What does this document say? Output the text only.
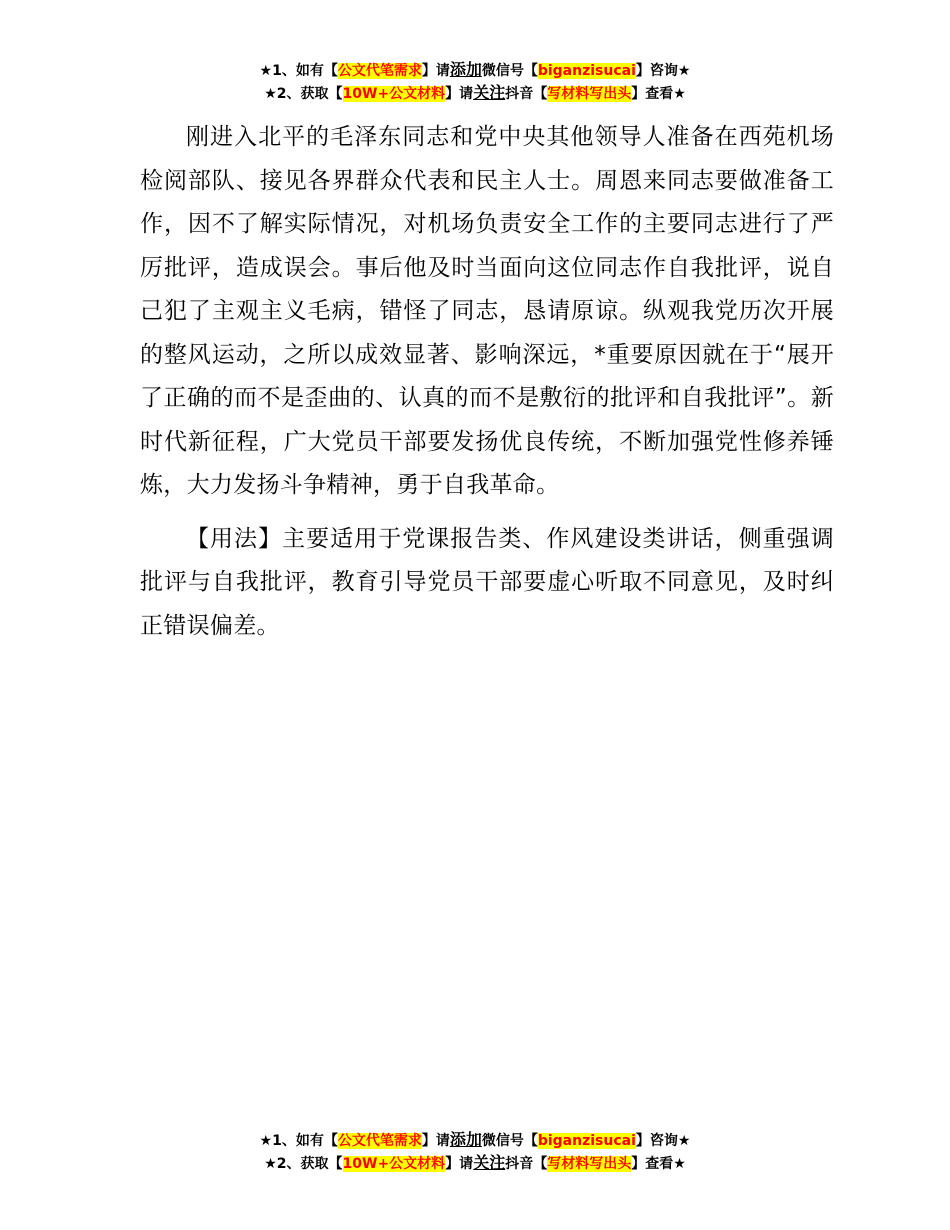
★1、如有【公文代笔需求】请添加微信号【biganzisucai】咨询★
★2、获取【10W+公文材料】请关注抖音【写材料写出头】查看★

刚进入北平的毛泽东同志和党中央其他领导人准备在西苑机场检阅部队、接见各界群众代表和民主人士。周恩来同志要做准备工作，因不了解实际情况，对机场负责安全工作的主要同志进行了严厉批评，造成误会。事后他及时当面向这位同志作自我批评，说自己犯了主观主义毛病，错怪了同志，恳请原谅。纵观我党历次开展的整风运动，之所以成效显著、影响深远，*重要原因就在于“展开了正确的而不是歪曲的、认真的而不是敷衍的批评和自我批评”。新时代新征程，广大党员干部要发扬优良传统，不断加强党性修养锤炼，大力发扬斗争精神，勇于自我革命。

【用法】主要适用于党课报告类、作风建设类讲话，侧重强调批评与自我批评，教育引导党员干部要虚心听取不同意见，及时纠正错误偏差。

★1、如有【公文代笔需求】请添加微信号【biganzisucai】咨询★
★2、获取【10W+公文材料】请关注抖音【写材料写出头】查看★
